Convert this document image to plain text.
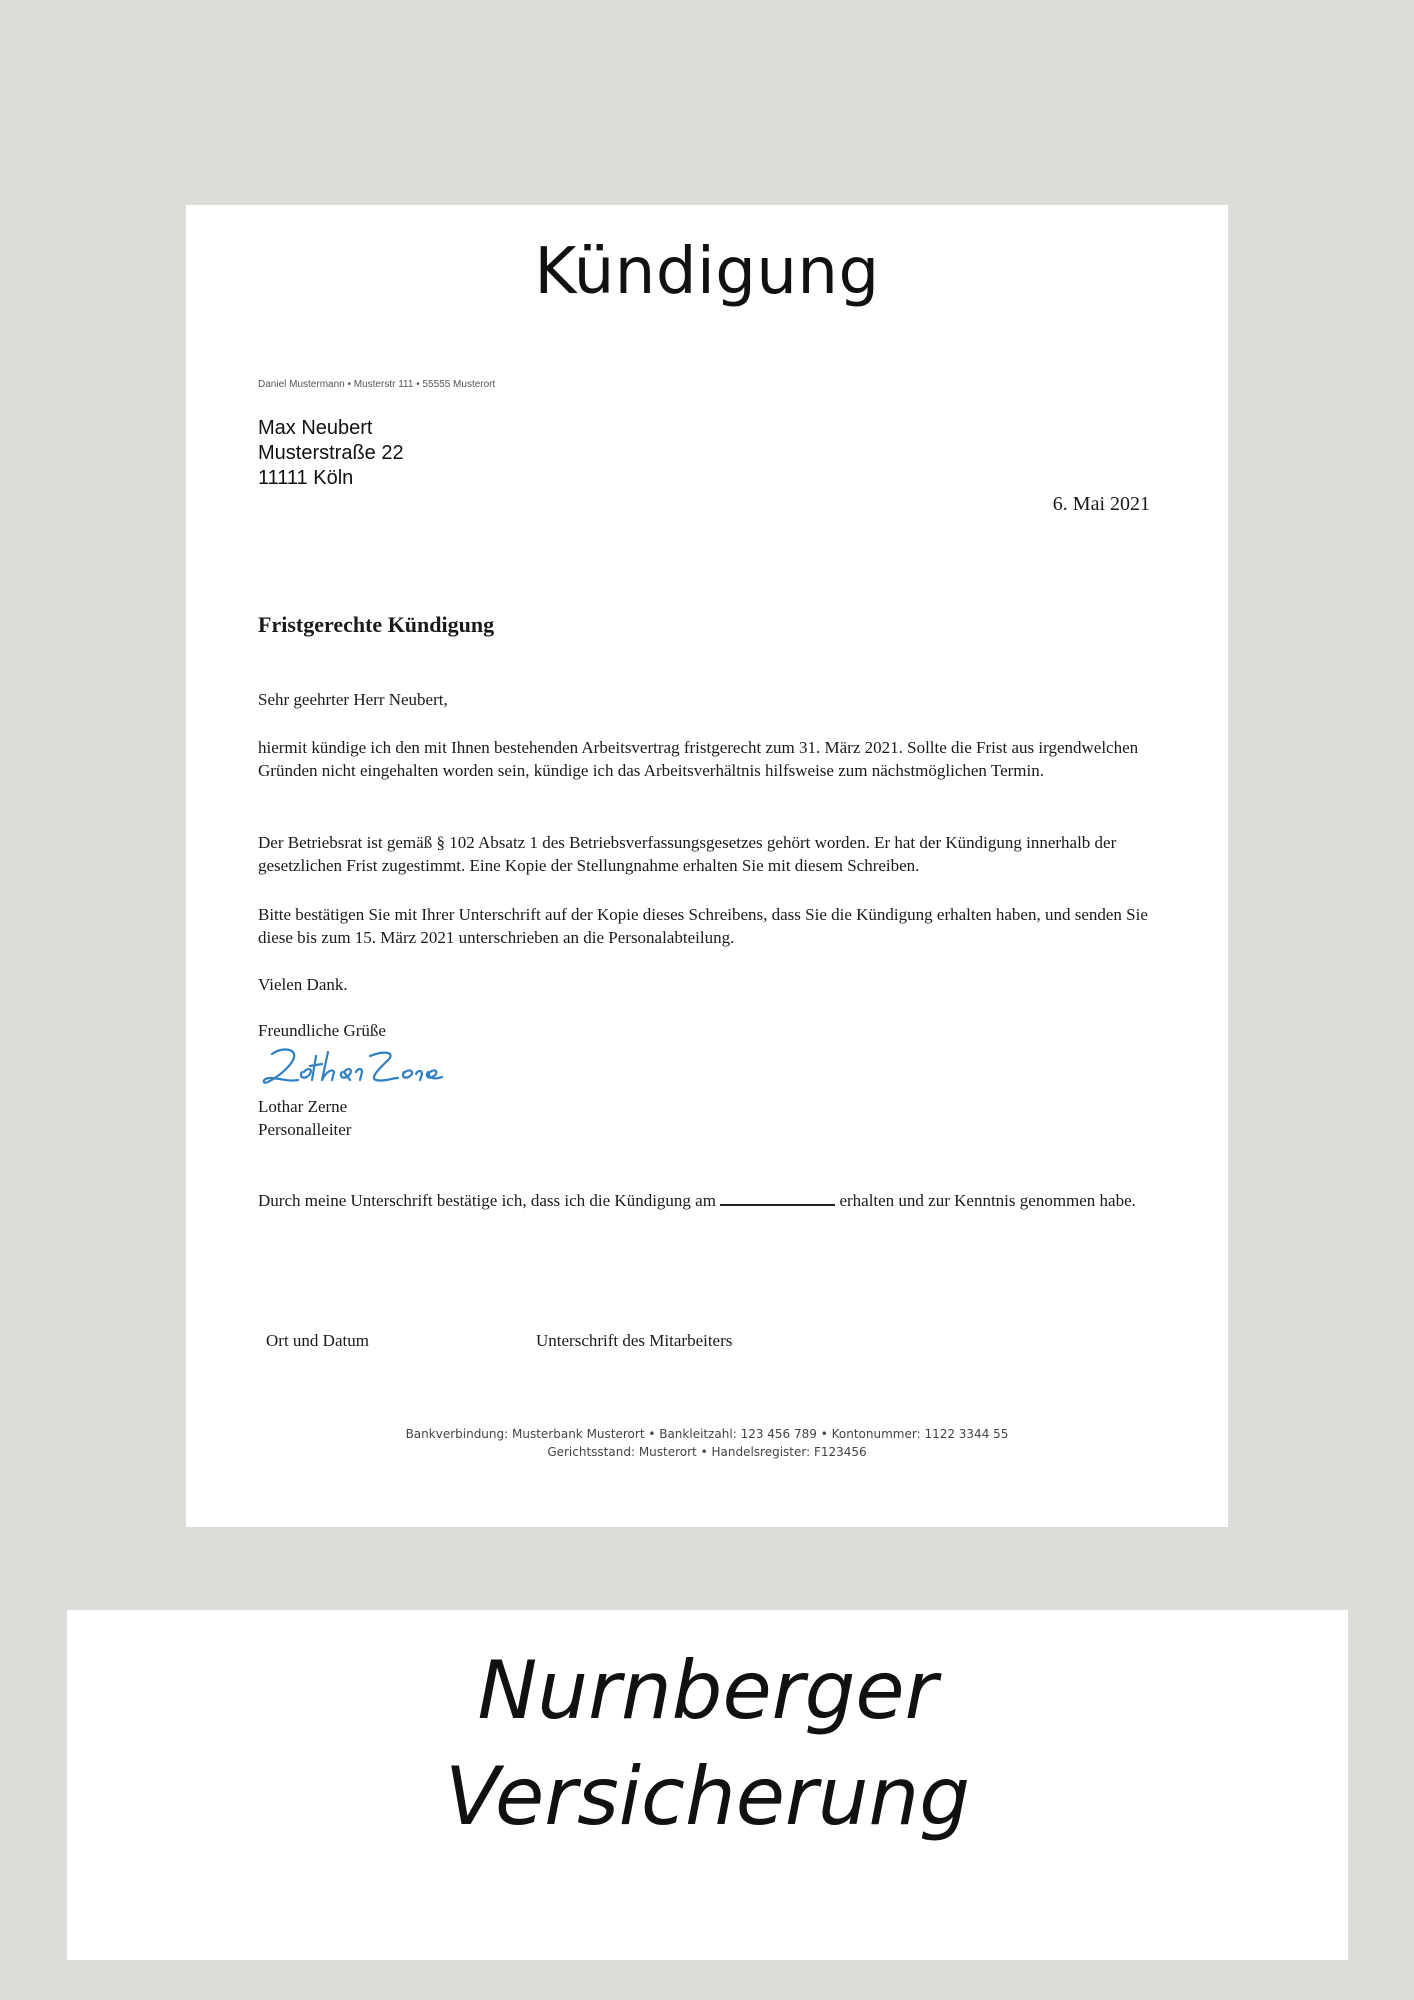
Kündigung
Daniel Mustermann • Musterstr 111 • 55555 Musterort
Max Neubert
Musterstraße 22
11111 Köln
6. Mai 2021
Fristgerechte Kündigung
Sehr geehrter Herr Neubert,
hiermit kündige ich den mit Ihnen bestehenden Arbeitsvertrag fristgerecht zum 31. März 2021. Sollte die Frist aus irgendwelchen Gründen nicht eingehalten worden sein, kündige ich das Arbeitsverhältnis hilfsweise zum nächstmöglichen Termin.
Der Betriebsrat ist gemäß § 102 Absatz 1 des Betriebsverfassungsgesetzes gehört worden. Er hat der Kündigung innerhalb der gesetzlichen Frist zugestimmt. Eine Kopie der Stellungnahme erhalten Sie mit diesem Schreiben.
Bitte bestätigen Sie mit Ihrer Unterschrift auf der Kopie dieses Schreibens, dass Sie die Kündigung erhalten haben, und senden Sie diese bis zum 15. März 2021 unterschrieben an die Personalabteilung.
Vielen Dank.
Freundliche Grüße
Lothar Zerne
Personalleiter
Durch meine Unterschrift bestätige ich, dass ich die Kündigung am	erhalten und zur Kenntnis genommen habe.
Ort und Datum	Unterschrift des Mitarbeiters
Bankverbindung: Musterbank Musterort • Bankleitzahl: 123 456 789 • Kontonummer: 1122 3344 55
Gerichtsstand: Musterort • Handelsregister: F123456
Nurnberger
Versicherung
